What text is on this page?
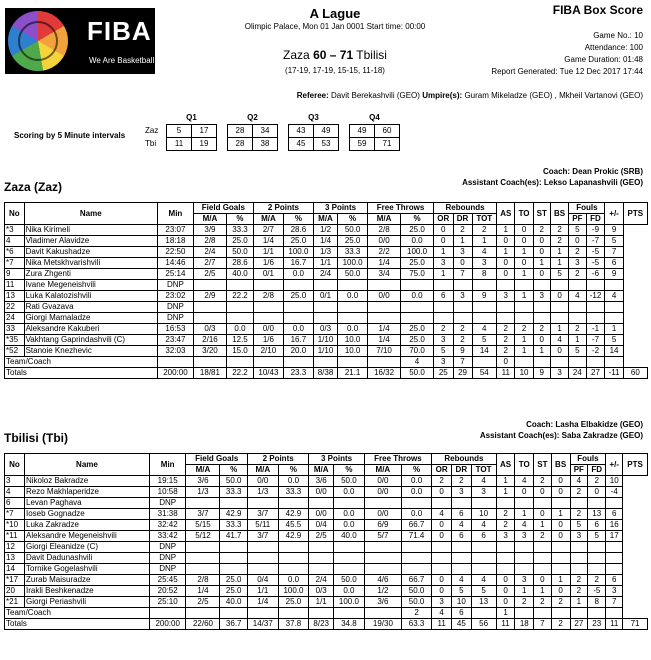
FIBA
We Are Basketball
A Lague
Olimpic Palace, Mon 01 Jan 0001 Start time: 00:00
Zaza 60 – 71 Tbilisi
(17-19, 17-19, 15-15, 11-18)
FIBA Box Score
Game No.: 10
Attendance: 100
Game Duration: 01:48
Report Generated: Tue 12 Dec 2017 17:44
Referee: Davit Berekashvili (GEO) Umpire(s): Guram Mikeladze (GEO) , Mkheil Vartanovi (GEO)
Scoring by 5 Minute intervals
	Q1			Q2			Q3			Q4	
Zaz	5	17		28	34		43	49		49	60
Tbi	11	19		28	38		45	53		59	71
Coach: Dean Prokic (SRB)
Assistant Coach(es): Lekso Lapanashvili (GEO)
Zaza (Zaz)
No	Name	Min	Field Goals		2 Points		3 Points		Free Throws		Rebounds			AS	TO	ST	BS	Fouls		+/-	PTS
			M/A	%	M/A	%	M/A	%	M/A	%	OR	DR	TOT					PF	FD		
*3	Nika Kirimeli	23:07	3/9	33.3	2/7	28.6	1/2	50.0	2/8	25.0	0	2	2	1	0	2	2	5	-9	9	
4	Vladimer Alavidze	18:18	2/8	25.0	1/4	25.0	1/4	25.0	0/0	0.0	0	1	1	0	0	0	2	0	-7	5	
*6	Davit Kakushadze	22:50	2/4	50.0	1/1	100.0	1/3	33.3	2/2	100.0	1	3	4	1	1	0	1	2	-5	7	
*7	Nika Metskhvarishvili	14:46	2/7	28.6	1/6	16.7	1/1	100.0	1/4	25.0	3	0	3	0	0	1	1	3	-5	6	
9	Zura Zhgenti	25:14	2/5	40.0	0/1	0.0	2/4	50.0	3/4	75.0	1	7	8	0	1	0	5	2	-6	9	
11	Ivane Megeneishvili	DNP																			
13	Luka Kalatozishvili	23:02	2/9	22.2	2/8	25.0	0/1	0.0	0/0	0.0	6	3	9	3	1	3	0	4	-12	4	
22	Rati Gvazava	DNP																			
24	Giorgi Mamaladze	DNP																			
33	Aleksandre Kakuberi	16:53	0/3	0.0	0/0	0.0	0/3	0.0	1/4	25.0	2	2	4	2	2	2	1	2	-1	1	
*35	Vakhtang Gaprindashvili (C)	23:47	2/16	12.5	1/6	16.7	1/10	10.0	1/4	25.0	3	2	5	2	1	0	4	1	-7	5	
*52	Stanoie Knezhevic	32:03	3/20	15.0	2/10	20.0	1/10	10.0	7/10	70.0	5	9	14	2	1	1	0	5	-2	14	
Team/Coach										4	3	7		0							
Totals		200:00	18/81	22.2	10/43	23.3	8/38	21.1	16/32	50.0	25	29	54	11	10	9	3	24	27	-11	60
Coach: Lasha Elbakidze (GEO)
Assistant Coach(es): Saba Zakradze (GEO)
Tbilisi (Tbi)
No	Name	Min	Field Goals		2 Points		3 Points		Free Throws		Rebounds			AS	TO	ST	BS	Fouls		+/-	PTS
			M/A	%	M/A	%	M/A	%	M/A	%	OR	DR	TOT					PF	FD		
3	Nikoloz Bakradze	19:15	3/6	50.0	0/0	0.0	3/6	50.0	0/0	0.0	2	2	4	1	4	2	0	4	2	10	
4	Rezo Makhlaperidze	10:58	1/3	33.3	1/3	33.3	0/0	0.0	0/0	0.0	0	3	3	1	0	0	0	2	0	-4	
6	Levan Paghava	DNP																			
*7	Ioseb Gognadze	31:38	3/7	42.9	3/7	42.9	0/0	0.0	0/0	0.0	4	6	10	2	1	0	1	2	13	6	
*10	Luka Zakradze	32:42	5/15	33.3	5/11	45.5	0/4	0.0	6/9	66.7	0	4	4	2	4	1	0	5	6	16	
*11	Aleksandre Megeneishvili	33:42	5/12	41.7	3/7	42.9	2/5	40.0	5/7	71.4	0	6	6	3	3	2	0	3	5	17	
12	Giorgi Eleanidze (C)	DNP																			
13	Davit Dadunashvili	DNP																			
14	Tornike Gogelashvili	DNP																			
*17	Zurab Maisuradze	25:45	2/8	25.0	0/4	0.0	2/4	50.0	4/6	66.7	0	4	4	0	3	0	1	2	2	6	
20	Irakli Beshkenadze	20:52	1/4	25.0	1/1	100.0	0/3	0.0	1/2	50.0	0	5	5	0	1	1	0	2	-5	3	
*21	Giorgi Periashvili	25:10	2/5	40.0	1/4	25.0	1/1	100.0	3/6	50.0	3	10	13	0	2	2	2	1	8	7	
Team/Coach										2	4	6		1							
Totals		200:00	22/60	36.7	14/37	37.8	8/23	34.8	19/30	63.3	11	45	56	11	18	7	2	27	23	11	71
